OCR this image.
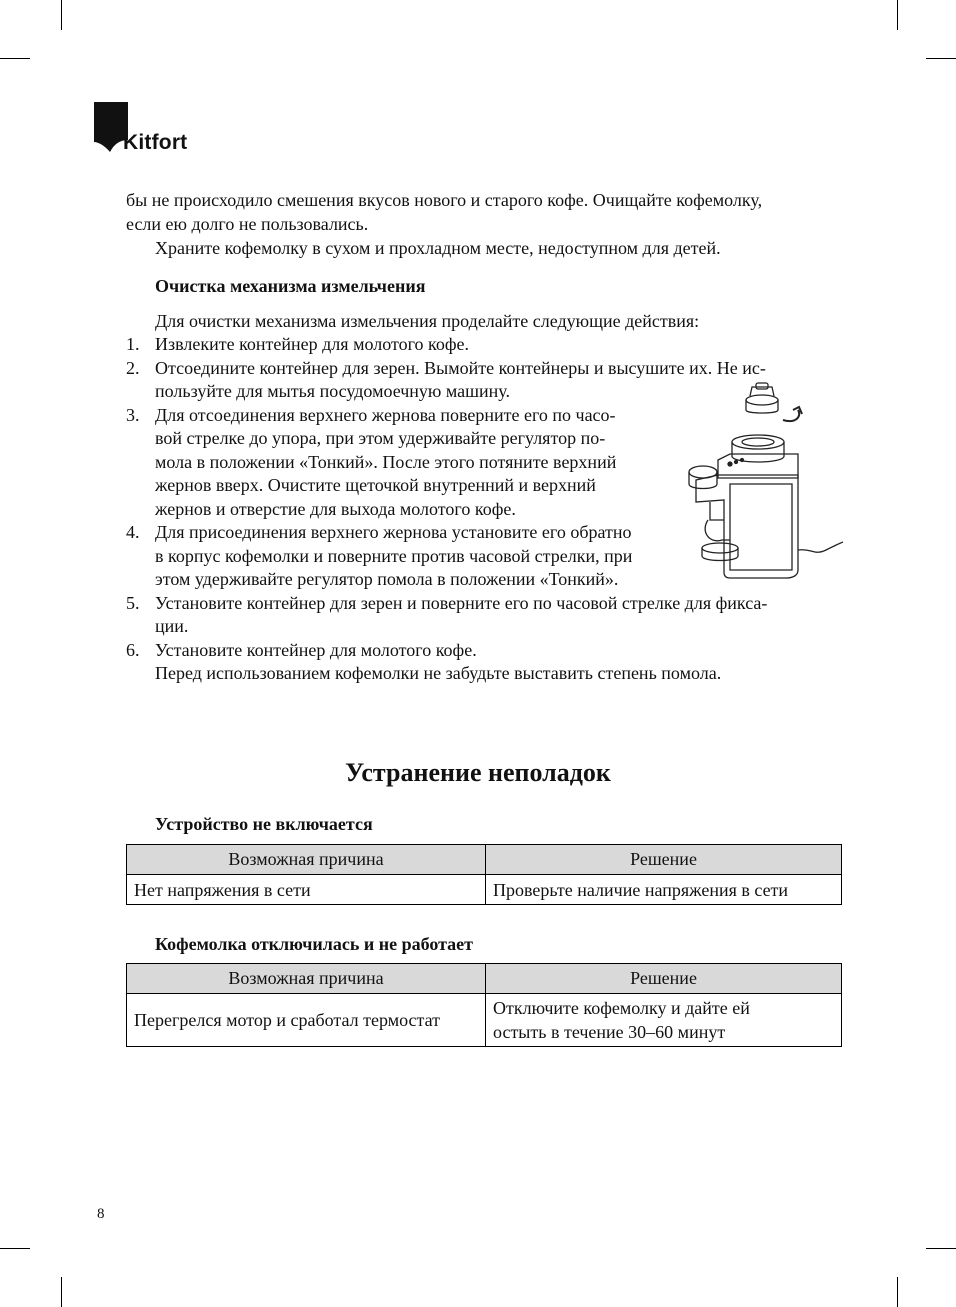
Kitfort

бы не происходило смешения вкусов нового и старого кофе. Очищайте кофемолку,

если ею долго не пользовались.

Храните кофемолку в сухом и прохладном месте, недоступном для детей.

Очистка механизма измельчения

Для очистки механизма измельчения проделайте следующие действия:

1. Извлеките контейнер для молотого кофе.
2. Отсоедините контейнер для зерен. Вымойте контейнеры и высушите их. Не ис-
пользуйте для мытья посудомоечную машину.
3. Для отсоединения верхнего жернова поверните его по часо-
вой стрелке до упора, при этом удерживайте регулятор по-
мола в положении «Тонкий». После этого потяните верхний
жернов вверх. Очистите щеточкой внутренний и верхний
жернов и отверстие для выхода молотого кофе.
4. Для присоединения верхнего жернова установите его обратно
в корпус кофемолки и поверните против часовой стрелки, при
этом удерживайте регулятор помола в положении «Тонкий».
5. Установите контейнер для зерен и поверните его по часовой стрелке для фикса-
ции.
6. Установите контейнер для молотого кофе.
Перед использованием кофемолки не забудьте выставить степень помола.
Устранение неполадок

Устройство не включается

Возможная причина	Решение
Нет напряжения в сети	Проверьте наличие напряжения в сети

Кофемолка отключилась и не работает

Возможная причина	Решение
Перегрелся мотор и сработал термостат	Отключите кофемолку и дайте ей
остыть в течение 30–60 минут
8
